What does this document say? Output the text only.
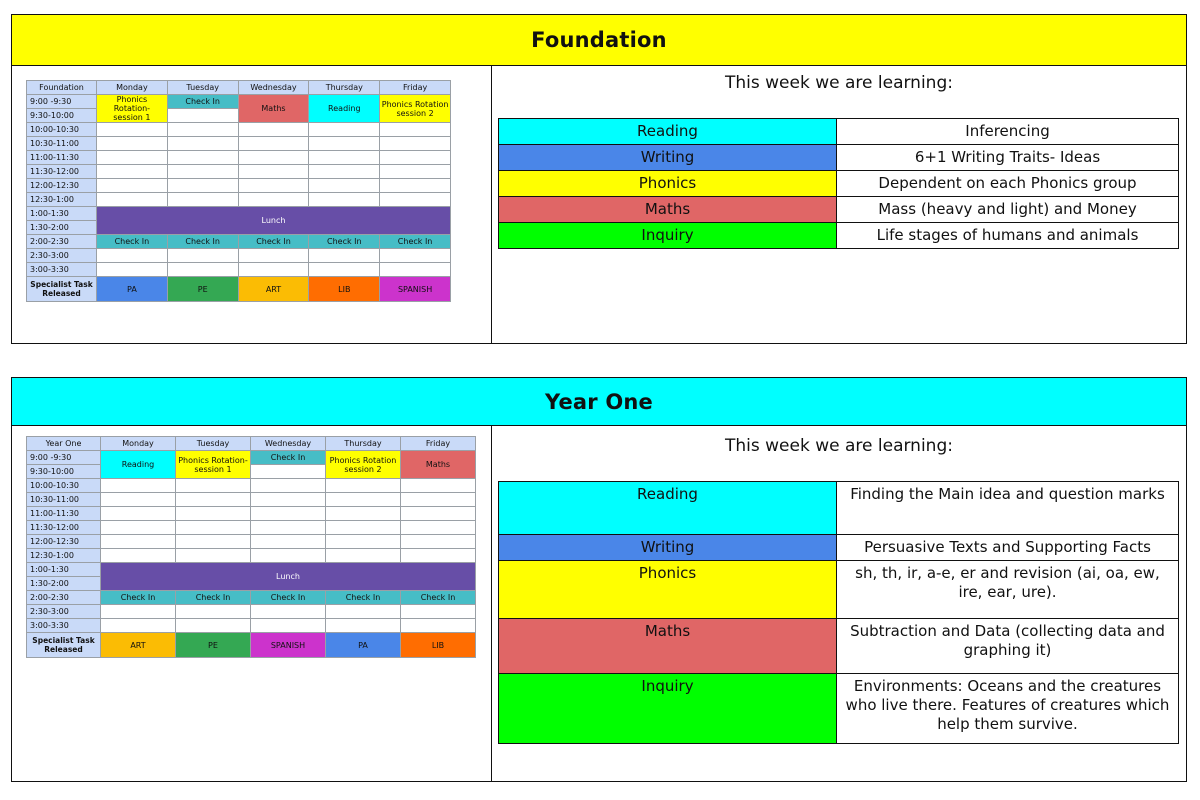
Foundation
Foundation	Monday	Tuesday	Wednesday	Thursday	Friday
9:00 -9:30	Phonics Rotation- session 1	Check In	Maths	Reading	Phonics Rotation session 2
9:30-10:00					
10:00-10:30					
10:30-11:00					
11:00-11:30					
11:30-12:00					
12:00-12:30					
12:30-1:00					
1:00-1:30	Lunch				
1:30-2:00					
2:00-2:30	Check In	Check In	Check In	Check In	Check In
2:30-3:00					
3:00-3:30					
Specialist Task Released	PA	PE	ART	LIB	SPANISH
This week we are learning:
Reading	Inferencing
Writing	6+1 Writing Traits- Ideas
Phonics	Dependent on each Phonics group
Maths	Mass (heavy and light) and Money
Inquiry	Life stages of humans and animals
Year One
Year One	Monday	Tuesday	Wednesday	Thursday	Friday
9:00 -9:30	Reading	Phonics Rotation- session 1	Check In	Phonics Rotation session 2	Maths
9:30-10:00					
10:00-10:30					
10:30-11:00					
11:00-11:30					
11:30-12:00					
12:00-12:30					
12:30-1:00					
1:00-1:30	Lunch				
1:30-2:00					
2:00-2:30	Check In	Check In	Check In	Check In	Check In
2:30-3:00					
3:00-3:30					
Specialist Task Released	ART	PE	SPANISH	PA	LIB
This week we are learning:
Reading	Finding the Main idea and question marks
Writing	Persuasive Texts and Supporting Facts
Phonics	sh, th, ir, a-e, er and revision (ai, oa, ew, ire, ear, ure).
Maths	Subtraction and Data (collecting data and graphing it)
Inquiry	Environments: Oceans and the creatures who live there. Features of creatures which help them survive.
